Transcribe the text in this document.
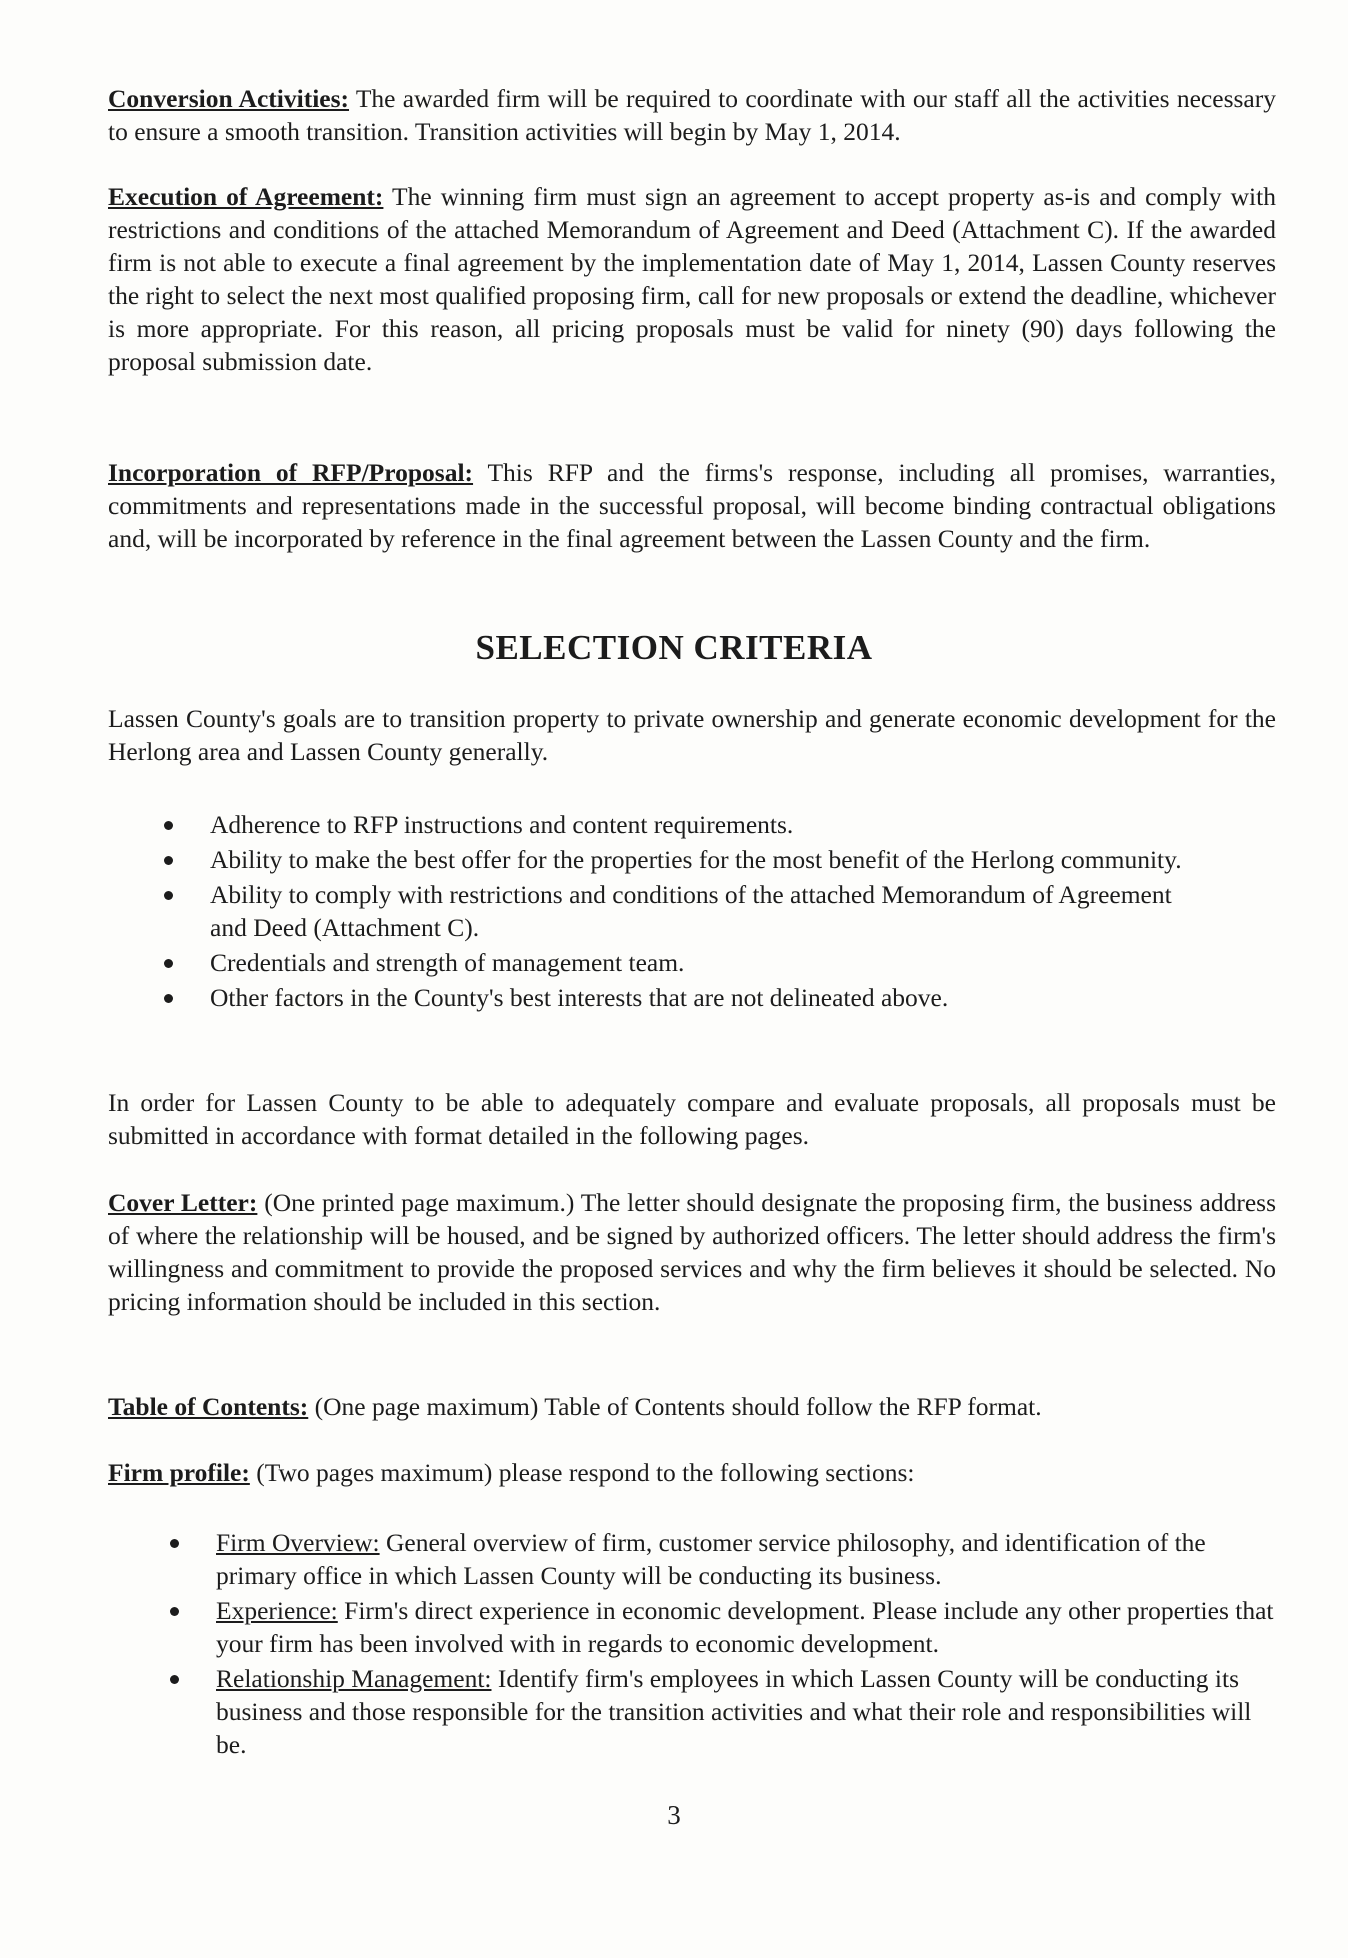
Conversion Activities: The awarded firm will be required to coordinate with our staff all the activities necessary to ensure a smooth transition. Transition activities will begin by May 1, 2014.

Execution of Agreement: The winning firm must sign an agreement to accept property as-is and comply with restrictions and conditions of the attached Memorandum of Agreement and Deed (Attachment C). If the awarded firm is not able to execute a final agreement by the implementation date of May 1, 2014, Lassen County reserves the right to select the next most qualified proposing firm, call for new proposals or extend the deadline, whichever is more appropriate. For this reason, all pricing proposals must be valid for ninety (90) days following the proposal submission date.

Incorporation of RFP/Proposal: This RFP and the firms's response, including all promises, warranties, commitments and representations made in the successful proposal, will become binding contractual obligations and, will be incorporated by reference in the final agreement between the Lassen County and the firm.

SELECTION CRITERIA

Lassen County's goals are to transition property to private ownership and generate economic development for the Herlong area and Lassen County generally.

Adherence to RFP instructions and content requirements.
Ability to make the best offer for the properties for the most benefit of the Herlong community.
Ability to comply with restrictions and conditions of the attached Memorandum of Agreement and Deed (Attachment C).
Credentials and strength of management team.
Other factors in the County's best interests that are not delineated above.

In order for Lassen County to be able to adequately compare and evaluate proposals, all proposals must be submitted in accordance with format detailed in the following pages.

Cover Letter: (One printed page maximum.) The letter should designate the proposing firm, the business address of where the relationship will be housed, and be signed by authorized officers. The letter should address the firm's willingness and commitment to provide the proposed services and why the firm believes it should be selected. No pricing information should be included in this section.

Table of Contents: (One page maximum) Table of Contents should follow the RFP format.

Firm profile: (Two pages maximum) please respond to the following sections:

Firm Overview: General overview of firm, customer service philosophy, and identification of the primary office in which Lassen County will be conducting its business.
Experience: Firm's direct experience in economic development. Please include any other properties that your firm has been involved with in regards to economic development.
Relationship Management: Identify firm's employees in which Lassen County will be conducting its business and those responsible for the transition activities and what their role and responsibilities will be.
3
